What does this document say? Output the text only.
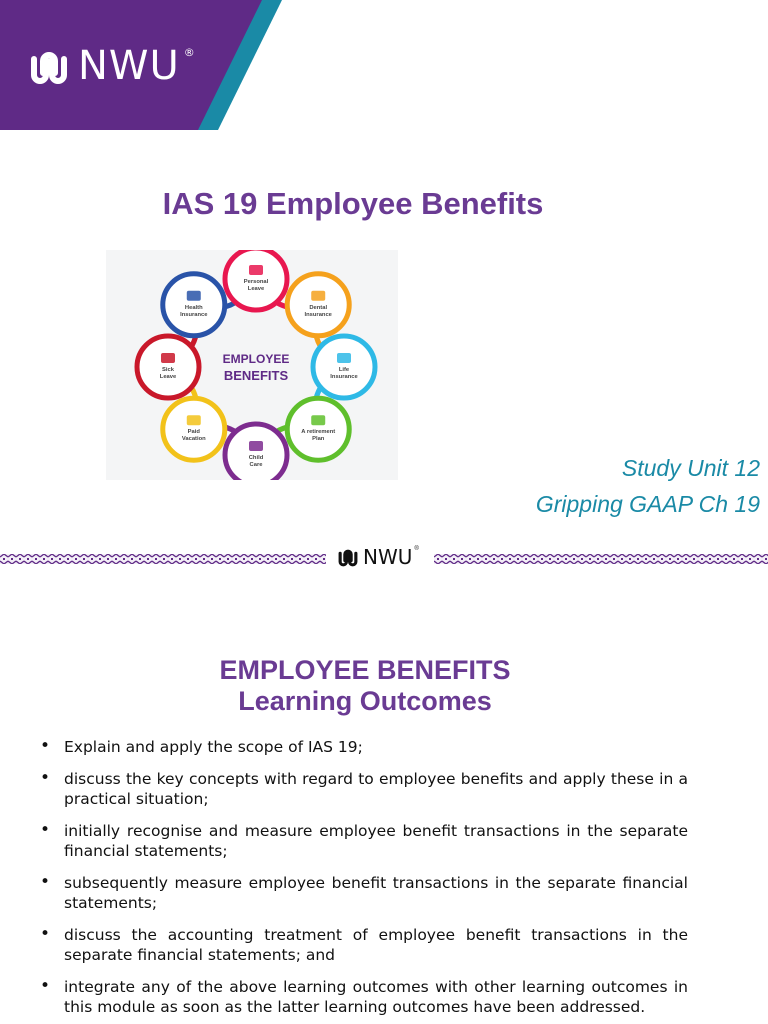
NWU ®
IAS 19 Employee Benefits
Personal
Leave
Dental
Insurance
Life
Insurance
A retirement
Plan
Child
Care
Paid
Vacation
Sick
Leave
Health
Insurance
EMPLOYEE
BENEFITS
Study Unit 12
Gripping GAAP Ch 19
NWU ®
EMPLOYEE BENEFITS
Learning Outcomes
• Explain and apply the scope of IAS 19;
• discuss the key concepts with regard to employee benefits and apply these in a practical situation;
• initially recognise and measure employee benefit transactions in the separate financial statements;
• subsequently measure employee benefit transactions in the separate financial statements;
• discuss the accounting treatment of employee benefit transactions in the separate financial statements; and
• integrate any of the above learning outcomes with other learning outcomes in this module as soon as the latter learning outcomes have been addressed.
